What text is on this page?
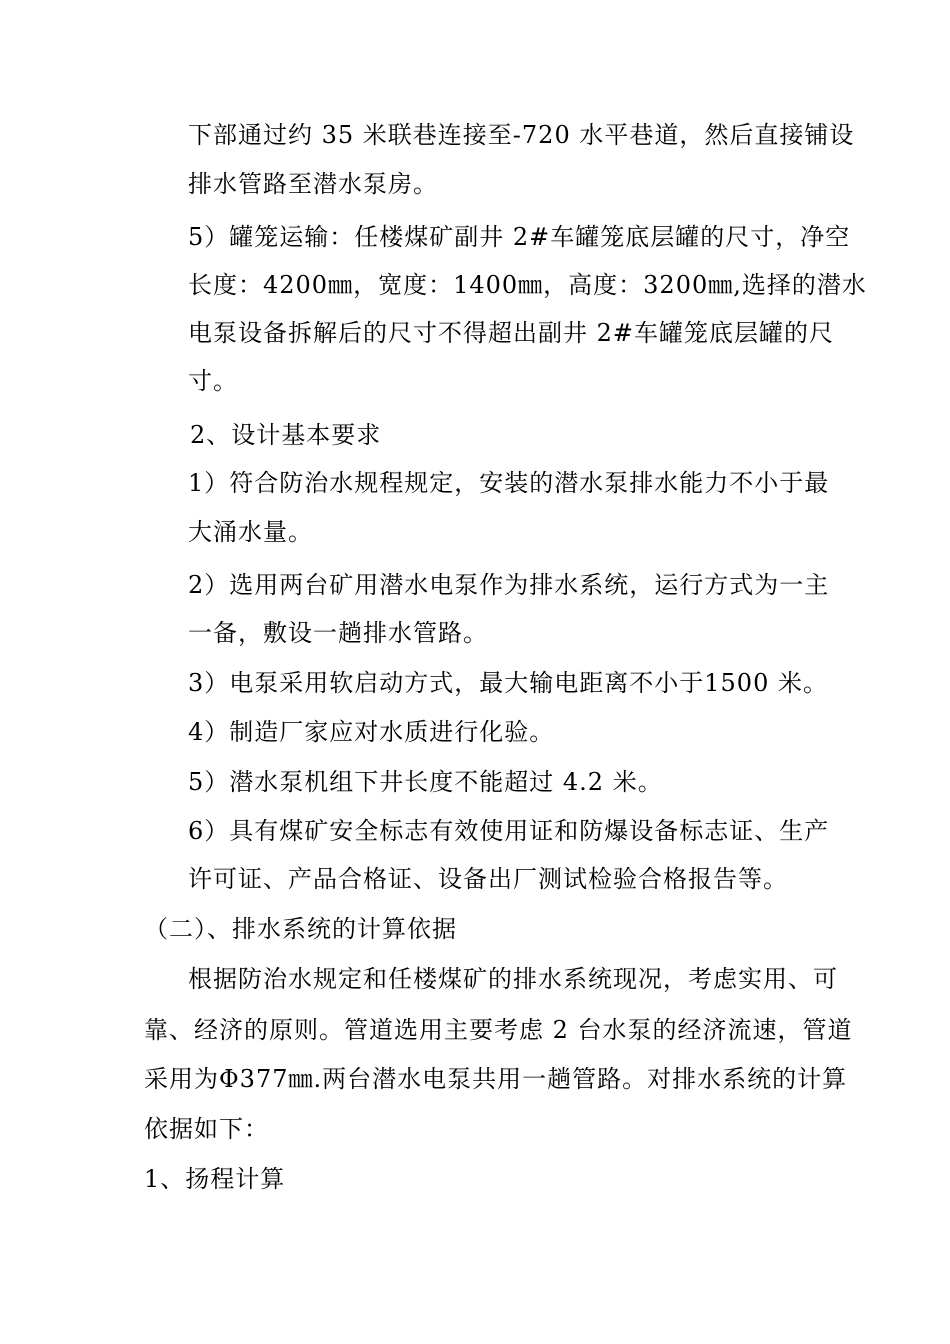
下部通过约 35 米联巷连接至-720 水平巷道，然后直接铺设
排水管路至潜水泵房。
5）罐笼运输：任楼煤矿副井 2#车罐笼底层罐的尺寸，净空
长度：4200㎜，宽度：1400㎜，高度：3200㎜,选择的潜水
电泵设备拆解后的尺寸不得超出副井 2#车罐笼底层罐的尺
寸。
2、设计基本要求
1）符合防治水规程规定，安装的潜水泵排水能力不小于最
大涌水量。
2）选用两台矿用潜水电泵作为排水系统，运行方式为一主
一备，敷设一趟排水管路。
3）电泵采用软启动方式，最大输电距离不小于1500 米。
4）制造厂家应对水质进行化验。
5）潜水泵机组下井长度不能超过 4.2 米。
6）具有煤矿安全标志有效使用证和防爆设备标志证、生产
许可证、产品合格证、设备出厂测试检验合格报告等。
（二）、排水系统的计算依据
根据防治水规定和任楼煤矿的排水系统现况，考虑实用、可
靠、经济的原则。管道选用主要考虑 2 台水泵的经济流速，管道
采用为Φ377㎜.两台潜水电泵共用一趟管路。对排水系统的计算
依据如下：
1、扬程计算
